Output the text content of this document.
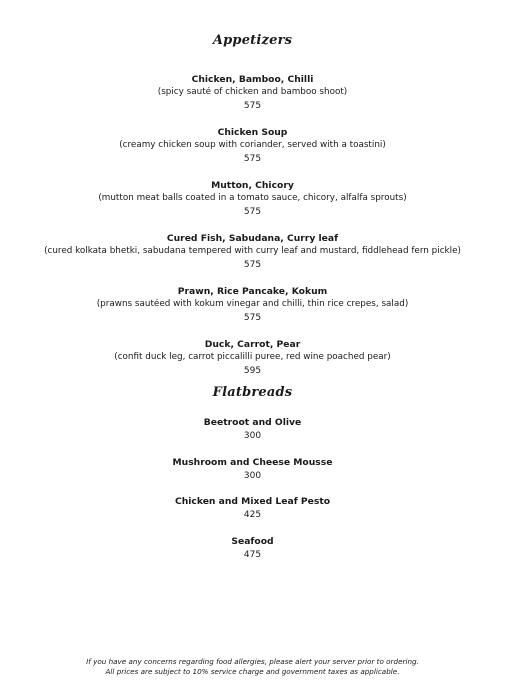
Appetizers
Chicken, Bamboo, Chilli
(spicy sauté of chicken and bamboo shoot)
575
Chicken Soup
(creamy chicken soup with coriander, served with a toastini)
575
Mutton, Chicory
(mutton meat balls coated in a tomato sauce, chicory, alfalfa sprouts)
575
Cured Fish, Sabudana, Curry leaf
(cured kolkata bhetki, sabudana tempered with curry leaf and mustard, fiddlehead fern pickle)
575
Prawn, Rice Pancake, Kokum
(prawns sautéed with kokum vinegar and chilli, thin rice crepes, salad)
575
Duck, Carrot, Pear
(confit duck leg, carrot piccalilli puree, red wine poached pear)
595
Flatbreads
Beetroot and Olive
300
Mushroom and Cheese Mousse
300
Chicken and Mixed Leaf Pesto
425
Seafood
475
If you have any concerns regarding food allergies, please alert your server prior to ordering.
All prices are subject to 10% service charge and government taxes as applicable.
